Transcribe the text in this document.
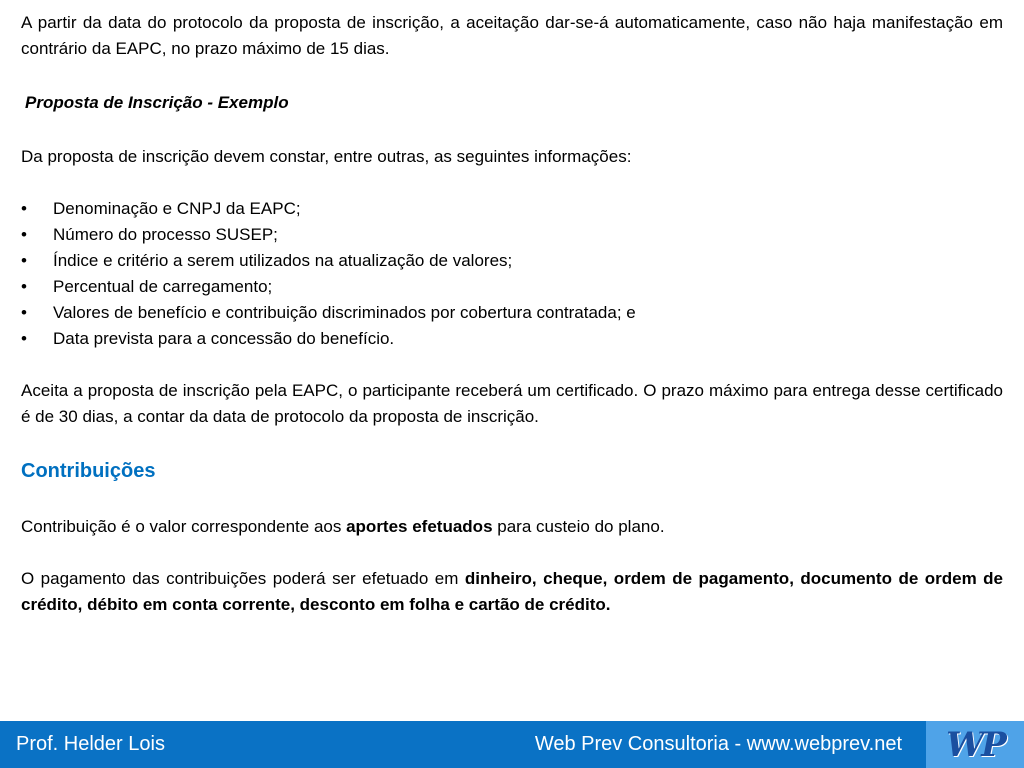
A partir da data do protocolo da proposta de inscrição, a aceitação dar-se-á automaticamente, caso não haja manifestação em contrário da EAPC, no prazo máximo de 15 dias.

Proposta de Inscrição - Exemplo

Da proposta de inscrição devem constar, entre outras, as seguintes informações:

• Denominação e CNPJ da EAPC;
• Número do processo SUSEP;
• Índice e critério a serem utilizados na atualização de valores;
• Percentual de carregamento;
• Valores de benefício e contribuição discriminados por cobertura contratada; e
• Data prevista para a concessão do benefício.

Aceita a proposta de inscrição pela EAPC, o participante receberá um certificado. O prazo máximo para entrega desse certificado é de 30 dias, a contar da data de protocolo da proposta de inscrição.

Contribuições

Contribuição é o valor correspondente aos aportes efetuados para custeio do plano.

O pagamento das contribuições poderá ser efetuado em dinheiro, cheque, ordem de pagamento, documento de ordem de crédito, débito em conta corrente, desconto em folha e cartão de crédito.

Prof. Helder Lois	Web Prev Consultoria - www.webprev.net WP
